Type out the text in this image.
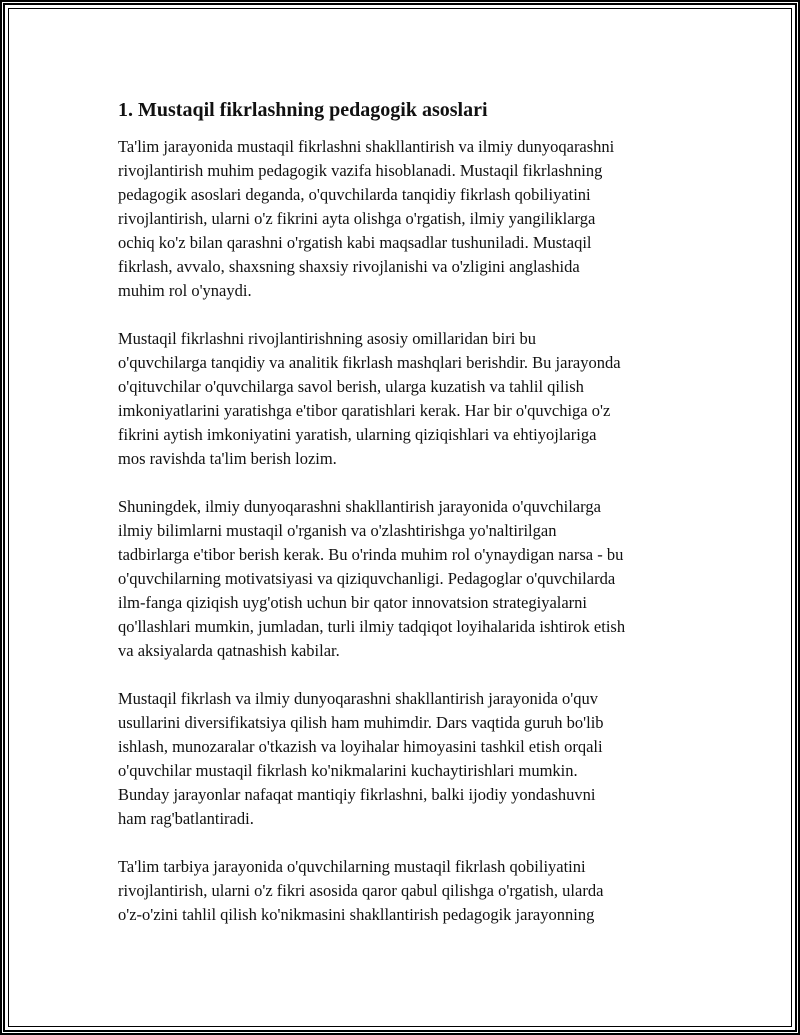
1. Mustaqil fikrlashning pedagogik asoslari

Ta'lim jarayonida mustaqil fikrlashni shakllantirish va ilmiy dunyoqarashni
rivojlantirish muhim pedagogik vazifa hisoblanadi. Mustaqil fikrlashning
pedagogik asoslari deganda, o'quvchilarda tanqidiy fikrlash qobiliyatini
rivojlantirish, ularni o'z fikrini ayta olishga o'rgatish, ilmiy yangiliklarga
ochiq ko'z bilan qarashni o'rgatish kabi maqsadlar tushuniladi. Mustaqil
fikrlash, avvalo, shaxsning shaxsiy rivojlanishi va o'zligini anglashida
muhim rol o'ynaydi.

Mustaqil fikrlashni rivojlantirishning asosiy omillaridan biri bu
o'quvchilarga tanqidiy va analitik fikrlash mashqlari berishdir. Bu jarayonda
o'qituvchilar o'quvchilarga savol berish, ularga kuzatish va tahlil qilish
imkoniyatlarini yaratishga e'tibor qaratishlari kerak. Har bir o'quvchiga o'z
fikrini aytish imkoniyatini yaratish, ularning qiziqishlari va ehtiyojlariga
mos ravishda ta'lim berish lozim.

Shuningdek, ilmiy dunyoqarashni shakllantirish jarayonida o'quvchilarga
ilmiy bilimlarni mustaqil o'rganish va o'zlashtirishga yo'naltirilgan
tadbirlarga e'tibor berish kerak. Bu o'rinda muhim rol o'ynaydigan narsa - bu
o'quvchilarning motivatsiyasi va qiziquvchanligi. Pedagoglar o'quvchilarda
ilm-fanga qiziqish uyg'otish uchun bir qator innovatsion strategiyalarni
qo'llashlari mumkin, jumladan, turli ilmiy tadqiqot loyihalarida ishtirok etish
va aksiyalarda qatnashish kabilar.

Mustaqil fikrlash va ilmiy dunyoqarashni shakllantirish jarayonida o'quv
usullarini diversifikatsiya qilish ham muhimdir. Dars vaqtida guruh bo'lib
ishlash, munozaralar o'tkazish va loyihalar himoyasini tashkil etish orqali
o'quvchilar mustaqil fikrlash ko'nikmalarini kuchaytirishlari mumkin.
Bunday jarayonlar nafaqat mantiqiy fikrlashni, balki ijodiy yondashuvni
ham rag'batlantiradi.

Ta'lim tarbiya jarayonida o'quvchilarning mustaqil fikrlash qobiliyatini
rivojlantirish, ularni o'z fikri asosida qaror qabul qilishga o'rgatish, ularda
o'z-o'zini tahlil qilish ko'nikmasini shakllantirish pedagogik jarayonning
